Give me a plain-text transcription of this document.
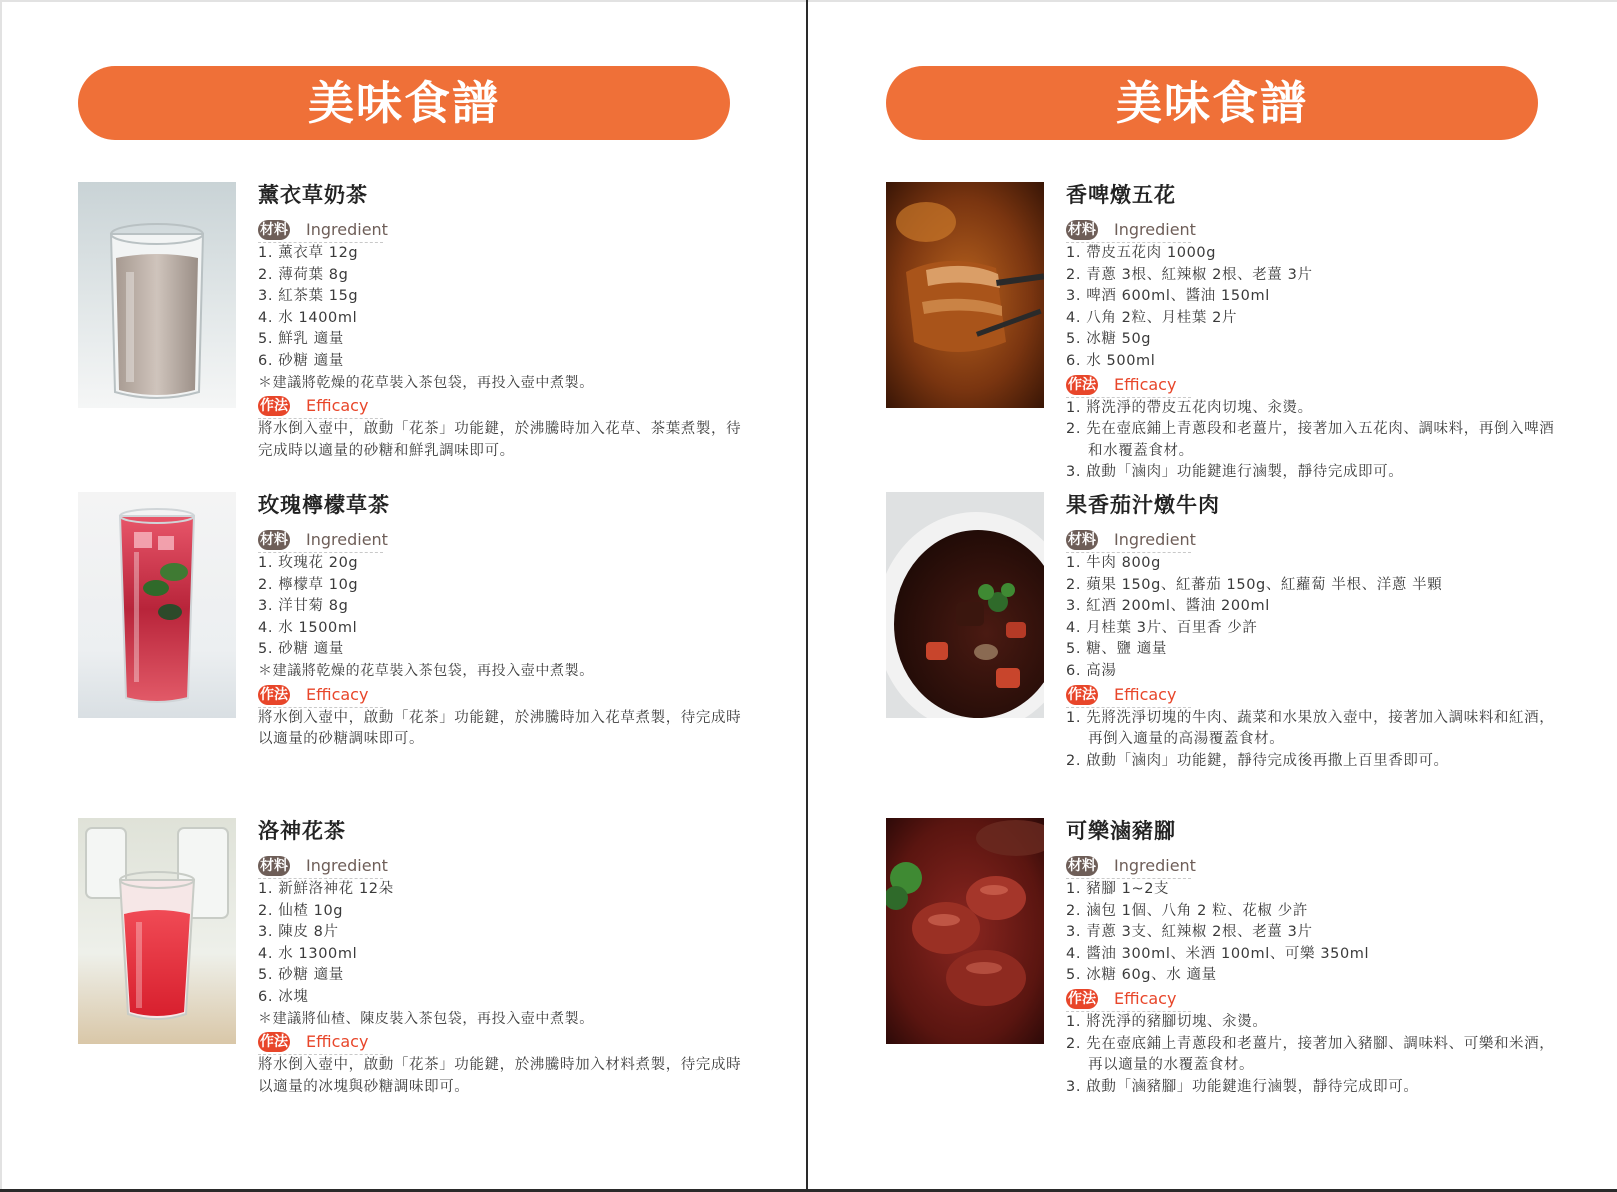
美味食譜
薰衣草奶茶
材料 Ingredient
1. 薰衣草 12g
2. 薄荷葉 8g
3. 紅茶葉 15g
4. 水 1400ml
5. 鮮乳 適量
6. 砂糖 適量
＊建議將乾燥的花草裝入茶包袋，再投入壺中煮製。
作法 Efficacy
將水倒入壺中，啟動「花茶」功能鍵，於沸騰時加入花草、茶葉煮製，待完成時以適量的砂糖和鮮乳調味即可。
玫瑰檸檬草茶
材料 Ingredient
1. 玫瑰花 20g
2. 檸檬草 10g
3. 洋甘菊 8g
4. 水 1500ml
5. 砂糖 適量
＊建議將乾燥的花草裝入茶包袋，再投入壺中煮製。
作法 Efficacy
將水倒入壺中，啟動「花茶」功能鍵，於沸騰時加入花草煮製，待完成時以適量的砂糖調味即可。
洛神花茶
材料 Ingredient
1. 新鮮洛神花 12朵
2. 仙楂 10g
3. 陳皮 8片
4. 水 1300ml
5. 砂糖 適量
6. 冰塊
＊建議將仙楂、陳皮裝入茶包袋，再投入壺中煮製。
作法 Efficacy
將水倒入壺中，啟動「花茶」功能鍵，於沸騰時加入材料煮製，待完成時以適量的冰塊與砂糖調味即可。
美味食譜
香啤燉五花
材料 Ingredient
1. 帶皮五花肉 1000g
2. 青蔥 3根、紅辣椒 2根、老薑 3片
3. 啤酒 600ml、醬油 150ml
4. 八角 2粒、月桂葉 2片
5. 冰糖 50g
6. 水 500ml
作法 Efficacy
1. 將洗淨的帶皮五花肉切塊、汆燙。
2. 先在壺底鋪上青蔥段和老薑片，接著加入五花肉、調味料，再倒入啤酒和水覆蓋食材。
3. 啟動「滷肉」功能鍵進行滷製，靜待完成即可。
果香茄汁燉牛肉
材料 Ingredient
1. 牛肉 800g
2. 蘋果 150g、紅蕃茄 150g、紅蘿蔔 半根、洋蔥 半顆
3. 紅酒 200ml、醬油 200ml
4. 月桂葉 3片、百里香 少許
5. 糖、鹽 適量
6. 高湯
作法 Efficacy
1. 先將洗淨切塊的牛肉、蔬菜和水果放入壺中，接著加入調味料和紅酒，再倒入適量的高湯覆蓋食材。
2. 啟動「滷肉」功能鍵，靜待完成後再撒上百里香即可。
可樂滷豬腳
材料 Ingredient
1. 豬腳 1~2支
2. 滷包 1個、八角 2 粒、花椒 少許
3. 青蔥 3支、紅辣椒 2根、老薑 3片
4. 醬油 300ml、米酒 100ml、可樂 350ml
5. 冰糖 60g、水 適量
作法 Efficacy
1. 將洗淨的豬腳切塊、汆燙。
2. 先在壺底鋪上青蔥段和老薑片，接著加入豬腳、調味料、可樂和米酒，再以適量的水覆蓋食材。
3. 啟動「滷豬腳」功能鍵進行滷製，靜待完成即可。
